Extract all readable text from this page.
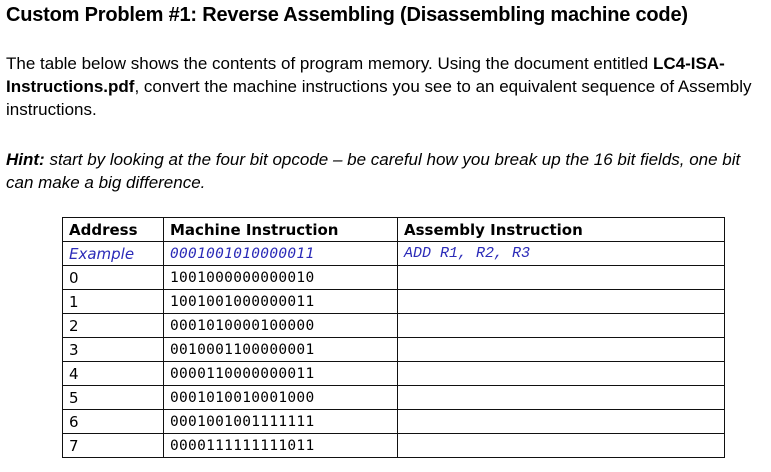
Custom Problem #1: Reverse Assembling (Disassembling machine code)
The table below shows the contents of program memory. Using the document entitled LC4-ISA-Instructions.pdf, convert the machine instructions you see to an equivalent sequence of Assembly instructions.
Hint: start by looking at the four bit opcode – be careful how you break up the 16 bit fields, one bit can make a big difference.
Address	Machine Instruction	Assembly Instruction
Example	0001001010000011	ADD R1, R2, R3
0	1001000000000010	
1	1001001000000011	
2	0001010000100000	
3	0010001100000001	
4	0000110000000011	
5	0001010010001000	
6	0001001001111111	
7	0000111111111011	
